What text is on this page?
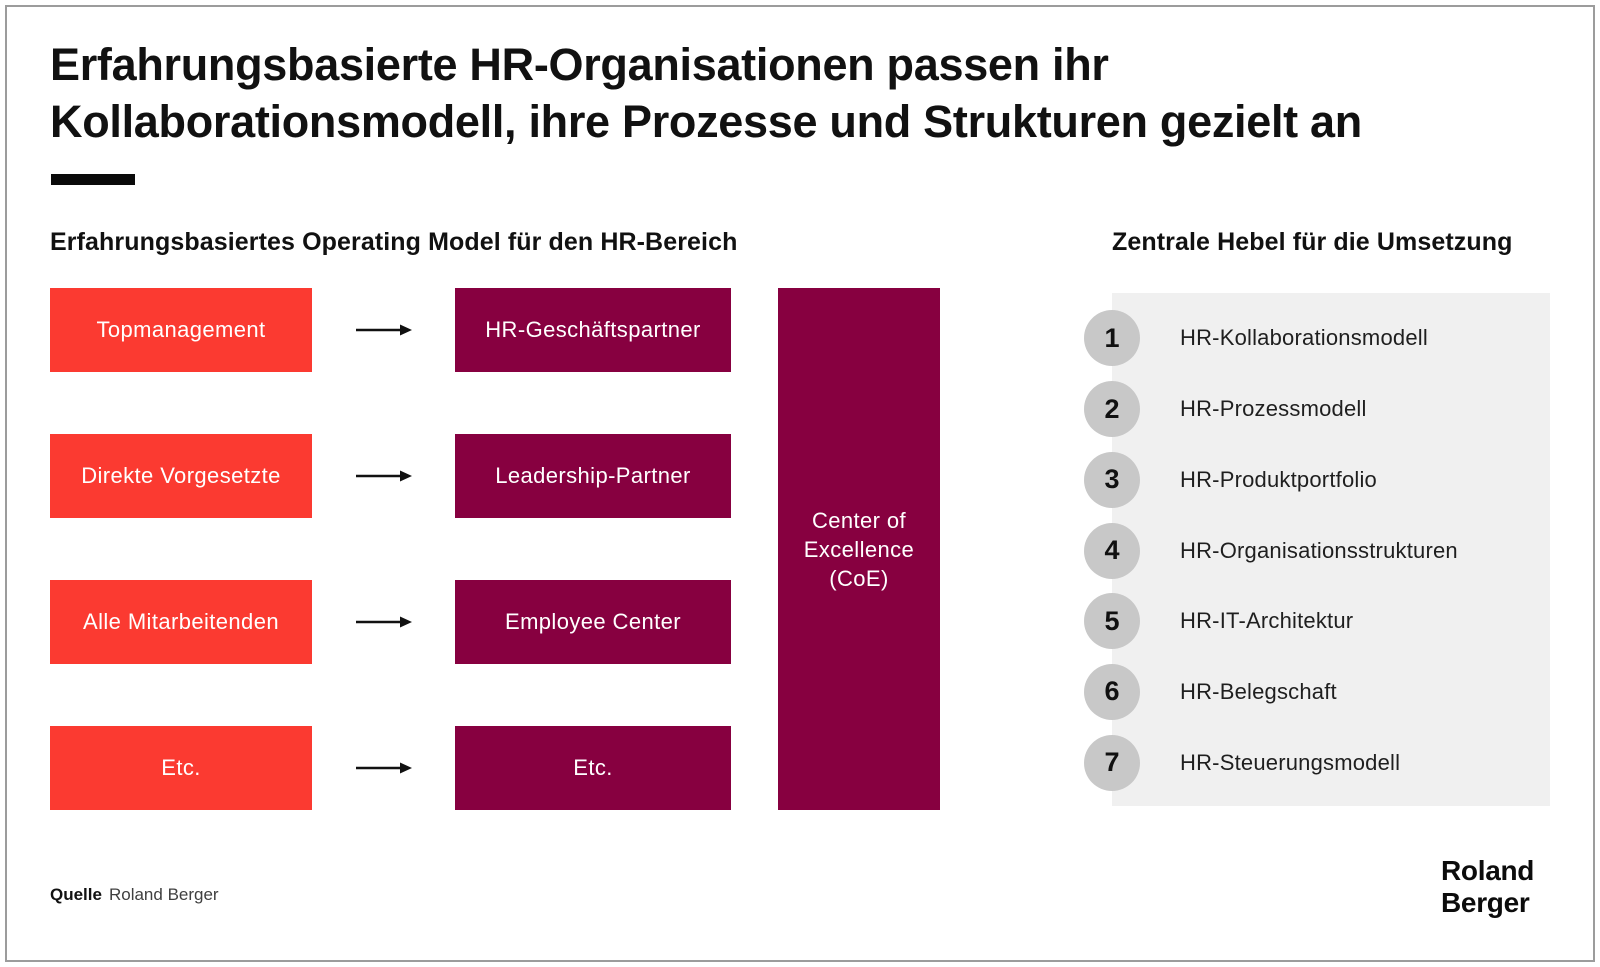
Erfahrungsbasierte HR-Organisationen passen ihr
Kollaborationsmodell, ihre Prozesse und Strukturen gezielt an
Erfahrungsbasiertes Operating Model für den HR-Bereich	Zentrale Hebel für die Umsetzung
Topmanagement	HR-Geschäftspartner
Direkte Vorgesetzte	Leadership-Partner
Alle Mitarbeitenden	Employee Center
Etc.	Etc.
Center of
Excellence
(CoE)
1	HR-Kollaborationsmodell
2	HR-Prozessmodell
3	HR-Produktportfolio
4	HR-Organisationsstrukturen
5	HR-IT-Architektur
6	HR-Belegschaft
7	HR-Steuerungsmodell
Quelle Roland Berger
Roland
Berger
